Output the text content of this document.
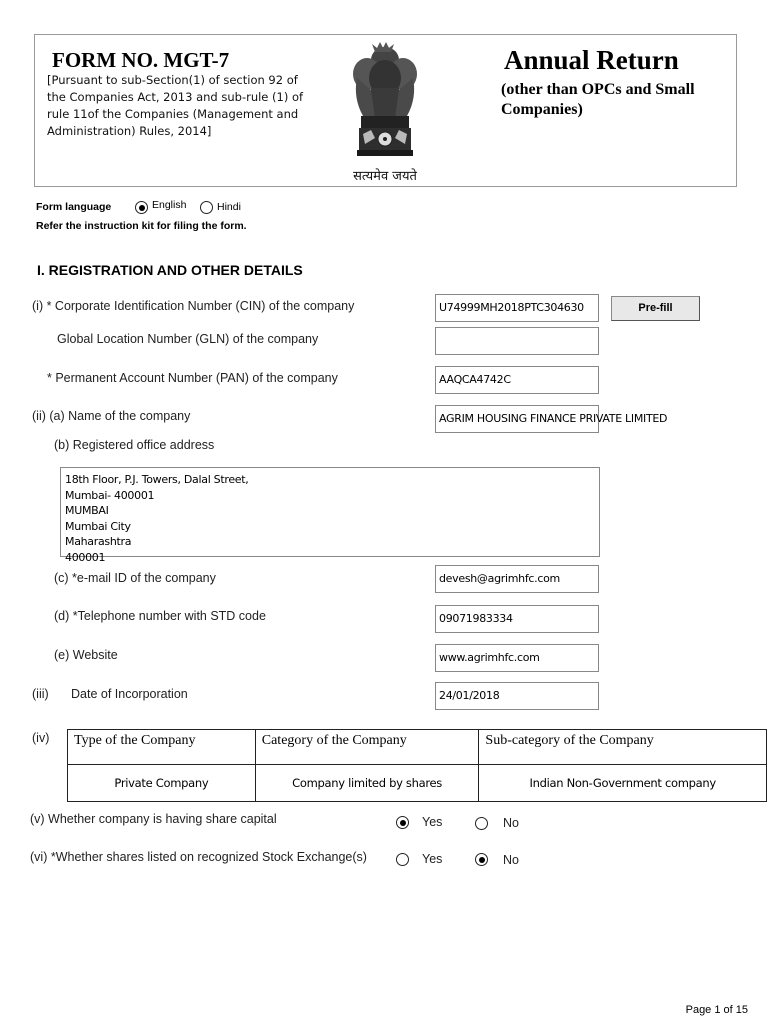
FORM NO. MGT-7
[Pursuant to sub-Section(1) of section 92 of the Companies Act, 2013 and sub-rule (1) of rule 11of the Companies (Management and Administration) Rules, 2014]
सत्यमेव जयते
Annual Return
(other than OPCs and Small Companies)
Form language	English	Hindi
Refer the instruction kit for filing the form.
I. REGISTRATION AND OTHER DETAILS
(i) * Corporate Identification Number (CIN) of the company	U74999MH2018PTC304630	Pre-fill
Global Location Number (GLN) of the company
* Permanent Account Number (PAN) of the company	AAQCA4742C
(ii) (a) Name of the company	AGRIM HOUSING FINANCE PRIVATE LIMITED
(b) Registered office address
18th Floor, P.J. Towers, Dalal Street,
Mumbai- 400001
MUMBAI
Mumbai City
Maharashtra
400001
(c) *e-mail ID of the company	devesh@agrimhfc.com
(d) *Telephone number with STD code	09071983334
(e) Website	www.agrimhfc.com
(iii) Date of Incorporation	24/01/2018
(iv) Type of the Company	Category of the Company	Sub-category of the Company
Private Company	Company limited by shares	Indian Non-Government company
(v) Whether company is having share capital	Yes	No
(vi) *Whether shares listed on recognized Stock Exchange(s)	Yes	No
Page 1 of 15
